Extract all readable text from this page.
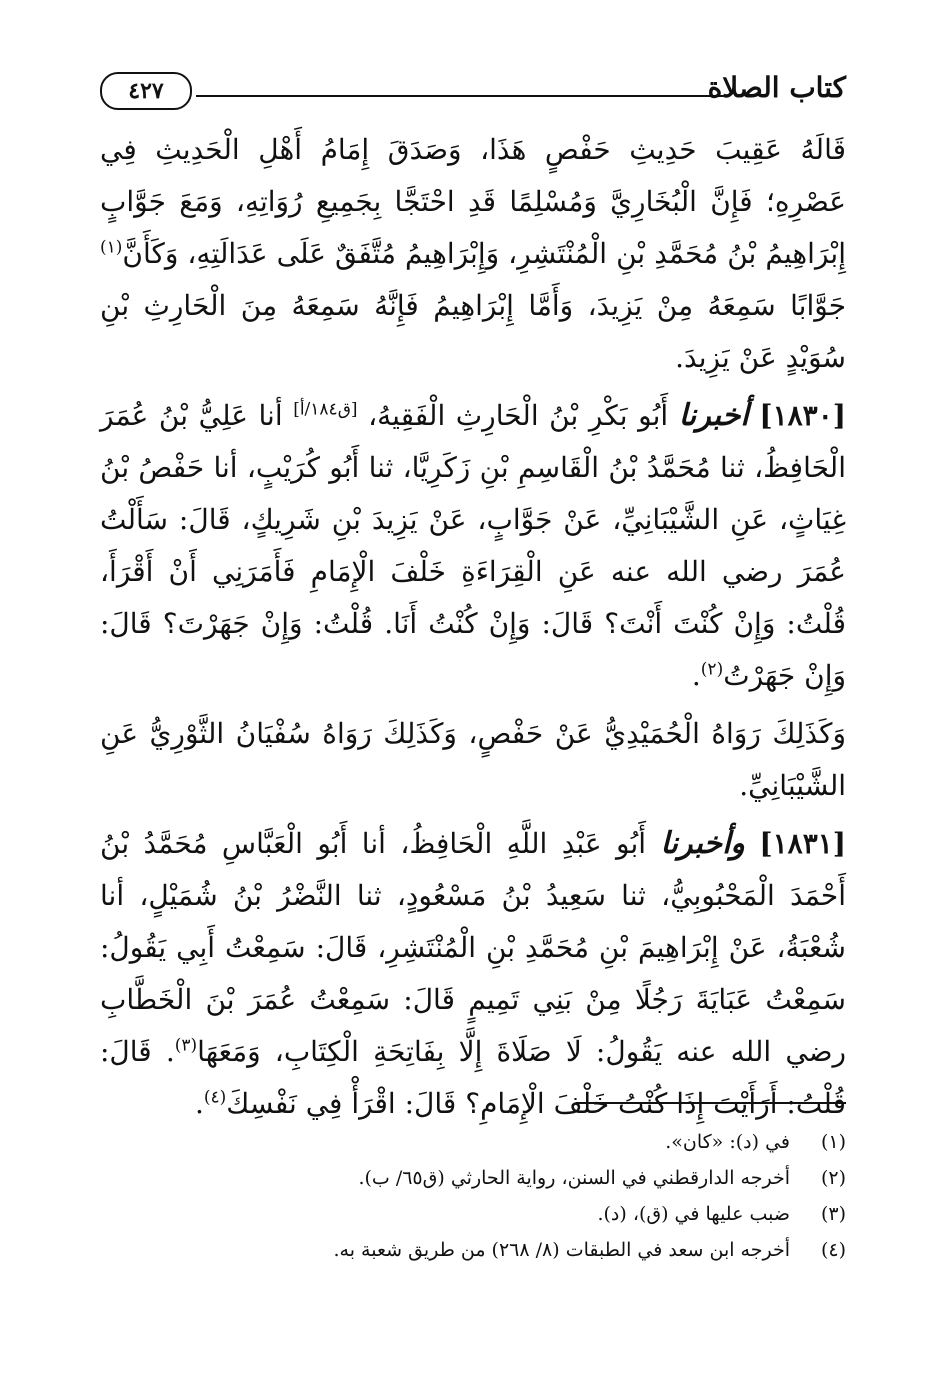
كتاب الصلاة
٤٢٧

قَالَهُ عَقِيبَ حَدِيثِ حَفْصٍ هَذَا، وَصَدَقَ إِمَامُ أَهْلِ الْحَدِيثِ فِي عَصْرِهِ؛ فَإِنَّ الْبُخَارِيَّ وَمُسْلِمًا قَدِ احْتَجَّا بِجَمِيعِ رُوَاتِهِ، وَمَعَ جَوَّابٍ إِبْرَاهِيمُ بْنُ مُحَمَّدِ بْنِ الْمُنْتَشِرِ، وَإِبْرَاهِيمُ مُتَّفَقٌ عَلَى عَدَالَتِهِ، وَكَأَنَّ$^{(١)}$ جَوَّابًا سَمِعَهُ مِنْ يَزِيدَ، وَأَمَّا إِبْرَاهِيمُ فَإِنَّهُ سَمِعَهُ مِنَ الْحَارِثِ بْنِ سُوَيْدٍ عَنْ يَزِيدَ.

[١٨٣٠] أخبرنا أَبُو بَكْرِ بْنُ الْحَارِثِ الْفَقِيهُ، [ق١٨٤/أ] أنا عَلِيُّ بْنُ عُمَرَ الْحَافِظُ، ثنا مُحَمَّدُ بْنُ الْقَاسِمِ بْنِ زَكَرِيَّا، ثنا أَبُو كُرَيْبٍ، أنا حَفْصُ بْنُ غِيَاثٍ، عَنِ الشَّيْبَانِيِّ، عَنْ جَوَّابٍ، عَنْ يَزِيدَ بْنِ شَرِيكٍ، قَالَ: سَأَلْتُ عُمَرَ رضي الله عنه عَنِ الْقِرَاءَةِ خَلْفَ الْإِمَامِ فَأَمَرَنِي أَنْ أَقْرَأَ، قُلْتُ: وَإِنْ كُنْتَ أَنْتَ؟ قَالَ: وَإِنْ كُنْتُ أَنَا. قُلْتُ: وَإِنْ جَهَرْتَ؟ قَالَ: وَإِنْ جَهَرْتُ$^{(٢)}$.

وَكَذَلِكَ رَوَاهُ الْحُمَيْدِيُّ عَنْ حَفْصٍ، وَكَذَلِكَ رَوَاهُ سُفْيَانُ الثَّوْرِيُّ عَنِ الشَّيْبَانِيِّ.

[١٨٣١] وأخبرنا أَبُو عَبْدِ اللَّهِ الْحَافِظُ، أنا أَبُو الْعَبَّاسِ مُحَمَّدُ بْنُ أَحْمَدَ الْمَحْبُوبِيُّ، ثنا سَعِيدُ بْنُ مَسْعُودٍ، ثنا النَّضْرُ بْنُ شُمَيْلٍ، أنا شُعْبَةُ، عَنْ إِبْرَاهِيمَ بْنِ مُحَمَّدِ بْنِ الْمُنْتَشِرِ، قَالَ: سَمِعْتُ أَبِي يَقُولُ: سَمِعْتُ عَبَايَةَ رَجُلًا مِنْ بَنِي تَمِيمٍ قَالَ: سَمِعْتُ عُمَرَ بْنَ الْخَطَّابِ رضي الله عنه يَقُولُ: لَا صَلَاةَ إِلَّا بِفَاتِحَةِ الْكِتَابِ، وَمَعَهَا$^{(٣)}$. قَالَ: قُلْتُ: أَرَأَيْتَ إِذَا كُنْتُ خَلْفَ الْإِمَامِ؟ قَالَ: اقْرَأْ فِي نَفْسِكَ$^{(٤)}$.

(١)
في (د): «كان».
(٢)
أخرجه الدارقطني في السنن، رواية الحارثي (ق٦٥/ ب).
(٣)
ضبب عليها في (ق)، (د).
(٤)
أخرجه ابن سعد في الطبقات (٨/ ٢٦٨) من طريق شعبة به.
